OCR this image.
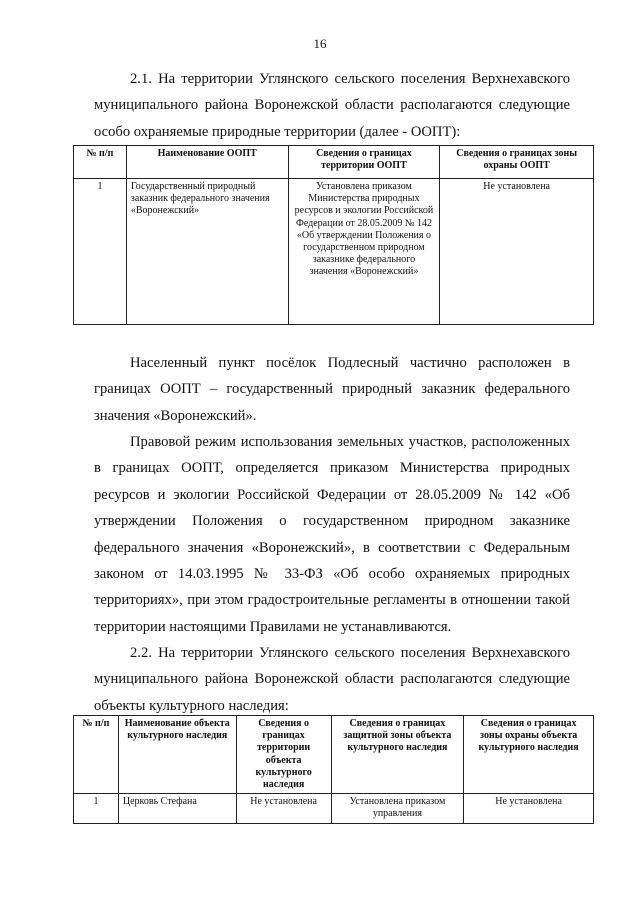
16

2.1. На территории Углянского сельского поселения Верхнехавского муниципального района Воронежской области располагаются следующие особо охраняемые природные территории (далее - ООПТ):

№ п/п	Наименование ООПТ	Сведения о границах территории ООПТ	Сведения о границах зоны охраны ООПТ
1	Государственный природный заказник федерального значения «Воронежский»	Установлена приказом Министерства природных ресурсов и экологии Российской Федерации от 28.05.2009 № 142 «Об утверждении Положения о государственном природном заказнике федерального значения «Воронежский»	Не установлена

Населенный пункт посёлок Подлесный частично расположен в границах ООПТ – государственный природный заказник федерального значения «Воронежский».

Правовой режим использования земельных участков, расположенных в границах ООПТ, определяется приказом Министерства природных ресурсов и экологии Российской Федерации от 28.05.2009 № 142 «Об утверждении Положения о государственном природном заказнике федерального значения «Воронежский», в соответствии с Федеральным законом от 14.03.1995 № 33-ФЗ «Об особо охраняемых природных территориях», при этом градостроительные регламенты в отношении такой территории настоящими Правилами не устанавливаются.

2.2. На территории Углянского сельского поселения Верхнехавского муниципального района Воронежской области располагаются следующие объекты культурного наследия:

№ п/п	Наименование объекта культурного наследия	Сведения о границах территории объекта культурного наследия	Сведения о границах защитной зоны объекта культурного наследия	Сведения о границах зоны охраны объекта культурного наследия
1	Церковь Стефана	Не установлена	Установлена приказом управления	Не установлена
